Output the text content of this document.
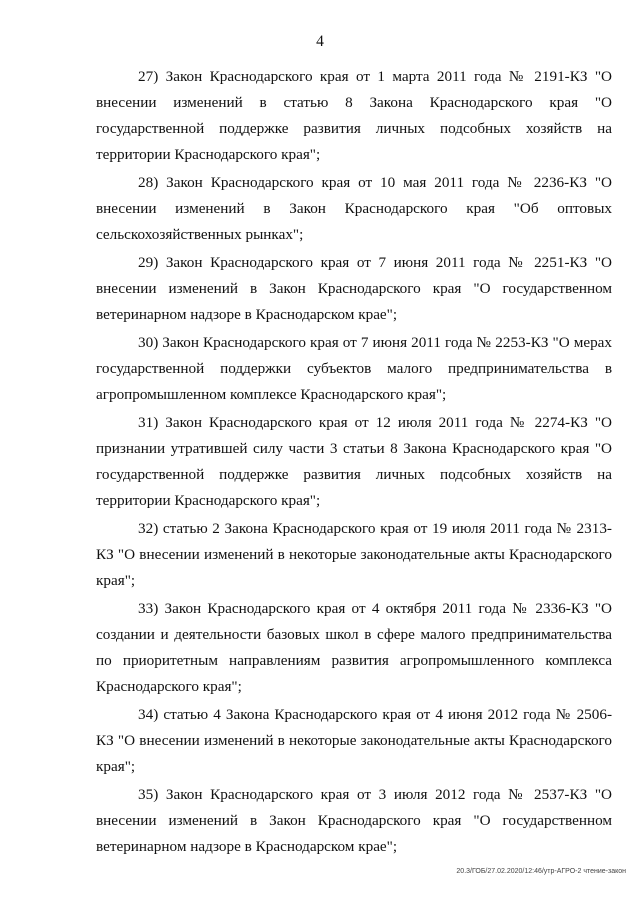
4

27) Закон Краснодарского края от 1 марта 2011 года № 2191-КЗ "О внесении изменений в статью 8 Закона Краснодарского края "О государственной поддержке развития личных подсобных хозяйств на территории Краснодарского края";

28) Закон Краснодарского края от 10 мая 2011 года № 2236-КЗ "О внесении изменений в Закон Краснодарского края "Об оптовых сельскохозяйственных рынках";

29) Закон Краснодарского края от 7 июня 2011 года № 2251-КЗ "О внесении изменений в Закон Краснодарского края "О государственном ветеринарном надзоре в Краснодарском крае";

30) Закон Краснодарского края от 7 июня 2011 года № 2253-КЗ "О мерах государственной поддержки субъектов малого предпринимательства в агропромышленном комплексе Краснодарского края";

31) Закон Краснодарского края от 12 июля 2011 года № 2274-КЗ "О признании утратившей силу части 3 статьи 8 Закона Краснодарского края "О государственной поддержке развития личных подсобных хозяйств на территории Краснодарского края";

32) статью 2 Закона Краснодарского края от 19 июля 2011 года № 2313-КЗ "О внесении изменений в некоторые законодательные акты Краснодарского края";

33) Закон Краснодарского края от 4 октября 2011 года № 2336-КЗ "О создании и деятельности базовых школ в сфере малого предпринимательства по приоритетным направлениям развития агропромышленного комплекса Краснодарского края";

34) статью 4 Закона Краснодарского края от 4 июня 2012 года № 2506-КЗ "О внесении изменений в некоторые законодательные акты Краснодарского края";

35) Закон Краснодарского края от 3 июля 2012 года № 2537-КЗ "О внесении изменений в Закон Краснодарского края "О государственном ветеринарном надзоре в Краснодарском крае";

20.3/ГОБ/27.02.2020/12:46/утр-АГРО-2 чтение-закон
